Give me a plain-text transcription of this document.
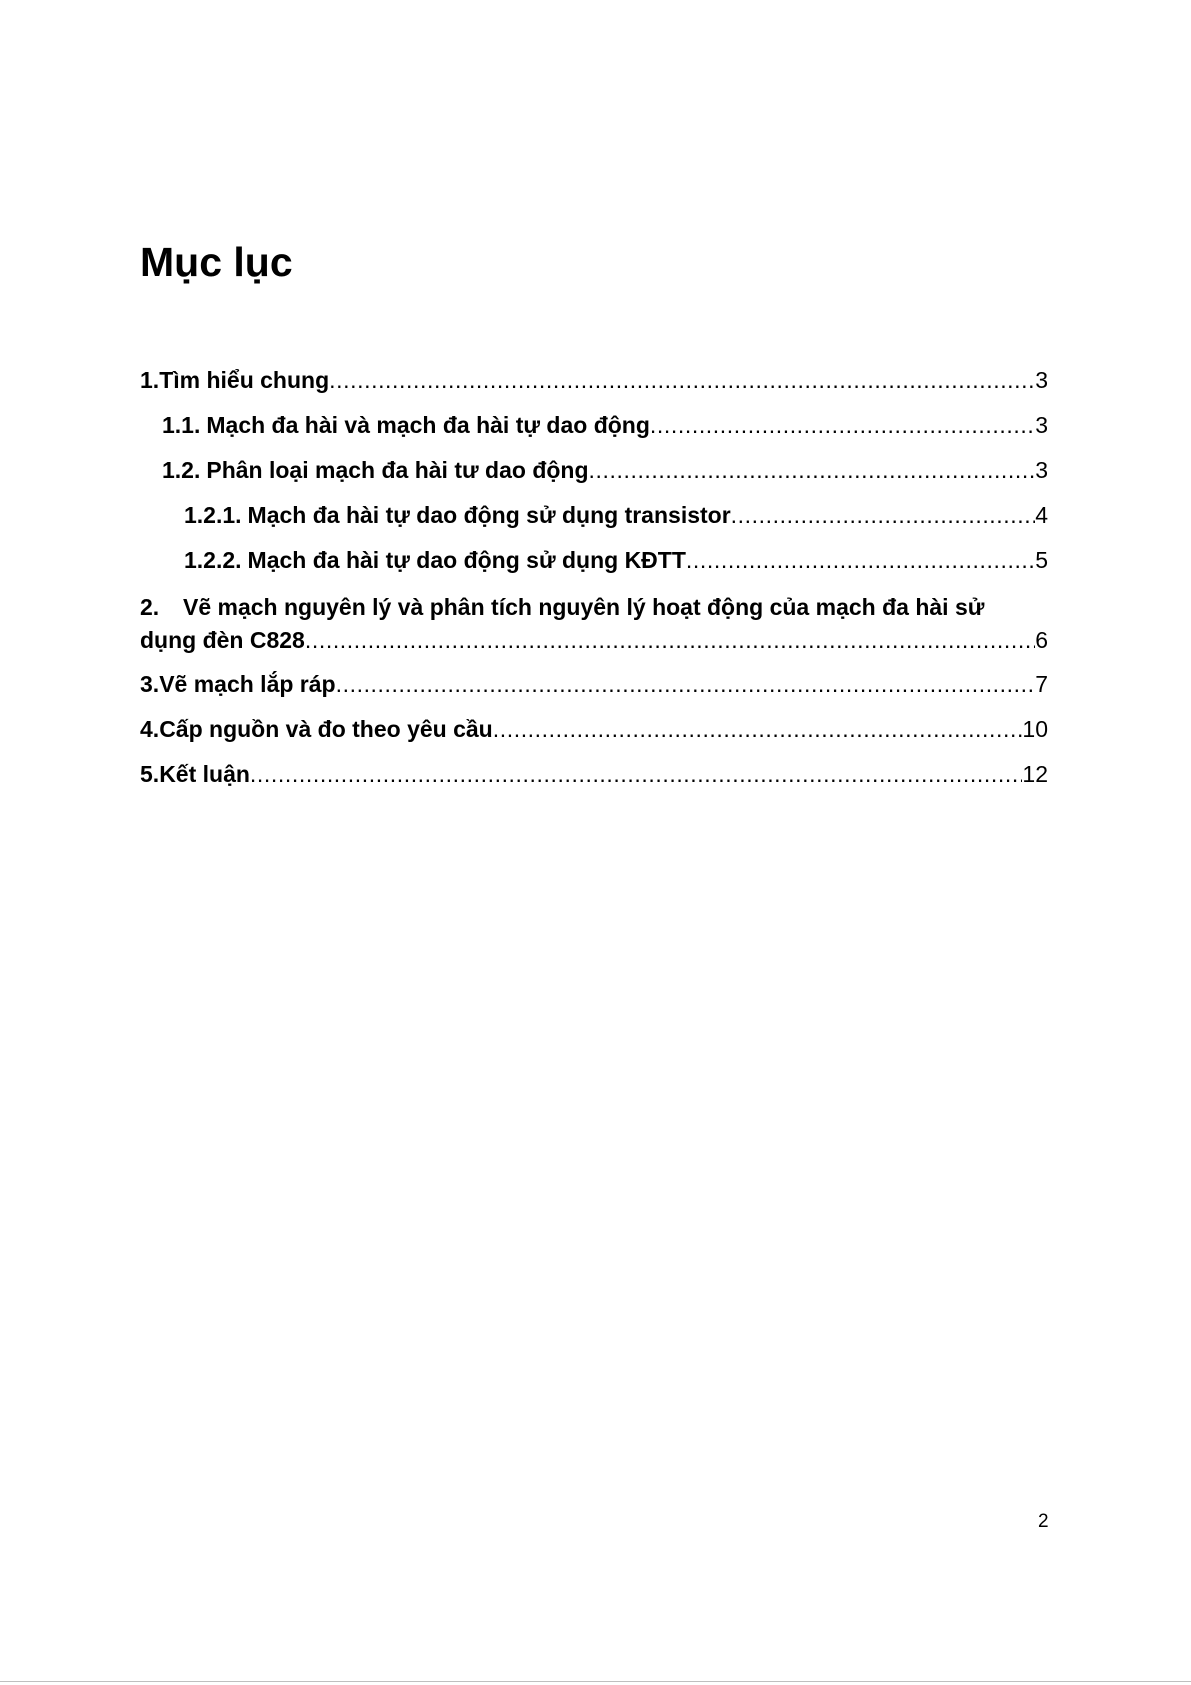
Mục lục
1. Tìm hiểu chung .....	3
1.1. Mạch đa hài và mạch đa hài tự dao động .....	3
1.2. Phân loại mạch đa hài tư dao động .....	3
1.2.1. Mạch đa hài tự dao động sử dụng transistor .....	4
1.2.2. Mạch đa hài tự dao động sử dụng KĐTT .....	5
2. Vẽ mạch nguyên lý và phân tích nguyên lý hoạt động của mạch đa hài sử
dụng đèn C828 .....	6
3. Vẽ mạch lắp ráp .....	7
4. Cấp nguồn và đo theo yêu cầu .....	10
5. Kết luận .....	12
2
